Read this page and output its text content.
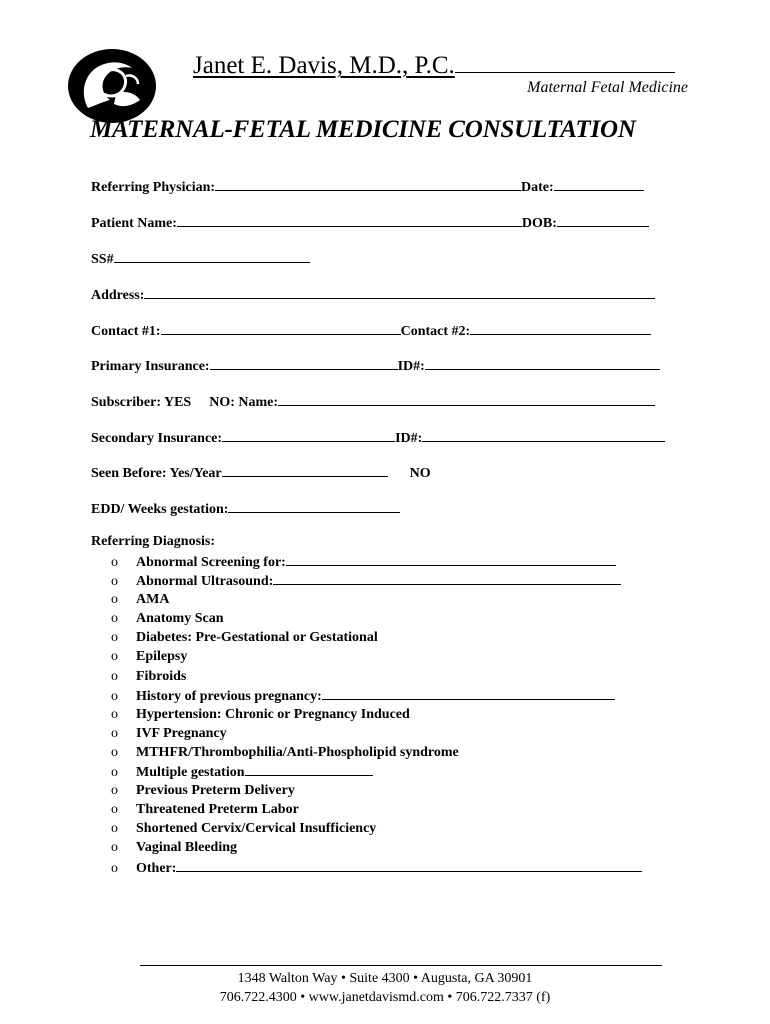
Janet E. Davis, M.D., P.C.
Maternal Fetal Medicine
MATERNAL-FETAL MEDICINE CONSULTATION
Referring Physician:	Date:
Patient Name:	DOB:
SS#
Address:
Contact #1:	Contact #2:
Primary Insurance:	ID#:
Subscriber: YES NO: Name:
Secondary Insurance:	ID#:
Seen Before: Yes/Year	NO
EDD/ Weeks gestation:
Referring Diagnosis:
o Abnormal Screening for:
o Abnormal Ultrasound:
o AMA
o Anatomy Scan
o Diabetes: Pre-Gestational or Gestational
o Epilepsy
o Fibroids
o History of previous pregnancy:
o Hypertension: Chronic or Pregnancy Induced
o IVF Pregnancy
o MTHFR/Thrombophilia/Anti-Phospholipid syndrome
o Multiple gestation
o Previous Preterm Delivery
o Threatened Preterm Labor
o Shortened Cervix/Cervical Insufficiency
o Vaginal Bleeding
o Other:
1348 Walton Way • Suite 4300 • Augusta, GA 30901
706.722.4300 • www.janetdavismd.com • 706.722.7337 (f)
